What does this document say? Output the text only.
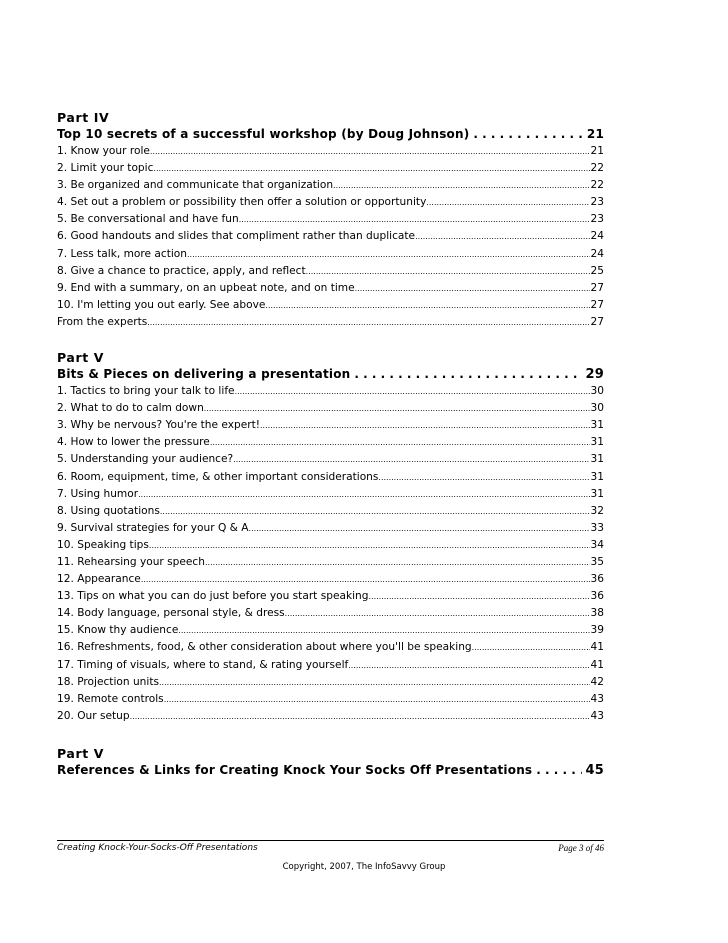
Part IV
Top 10 secrets of a successful workshop (by Doug Johnson) . . .	21
1. Know your role .....	21
2. Limit your topic .....	22
3. Be organized and communicate that organization .....	22
4. Set out a problem or possibility then offer a solution or opportunity .....	23
5. Be conversational and have fun .....	23
6. Good handouts and slides that compliment rather than duplicate .....	24
7. Less talk, more action .....	24
8. Give a chance to practice, apply, and reflect .....	25
9. End with a summary, on an upbeat note, and on time .....	27
10. I'm letting you out early. See above .....	27
From the experts .....	27
Part V
Bits & Pieces on delivering a presentation . . .	29
1. Tactics to bring your talk to life .....	30
2. What to do to calm down .....	30
3. Why be nervous? You're the expert! .....	31
4. How to lower the pressure .....	31
5. Understanding your audience? .....	31
6. Room, equipment, time, & other important considerations .....	31
7. Using humor .....	31
8. Using quotations .....	32
9. Survival strategies for your Q & A .....	33
10. Speaking tips .....	34
11. Rehearsing your speech .....	35
12. Appearance .....	36
13. Tips on what you can do just before you start speaking .....	36
14. Body language, personal style, & dress .....	38
15. Know thy audience .....	39
16. Refreshments, food, & other consideration about where you'll be speaking .....	41
17. Timing of visuals, where to stand, & rating yourself .....	41
18. Projection units .....	42
19. Remote controls .....	43
20. Our setup .....	43
Part V
References & Links for Creating Knock Your Socks Off Presentations . . .	45
Creating Knock-Your-Socks-Off Presentations	Page 3 of 46
Copyright, 2007, The InfoSavvy Group
